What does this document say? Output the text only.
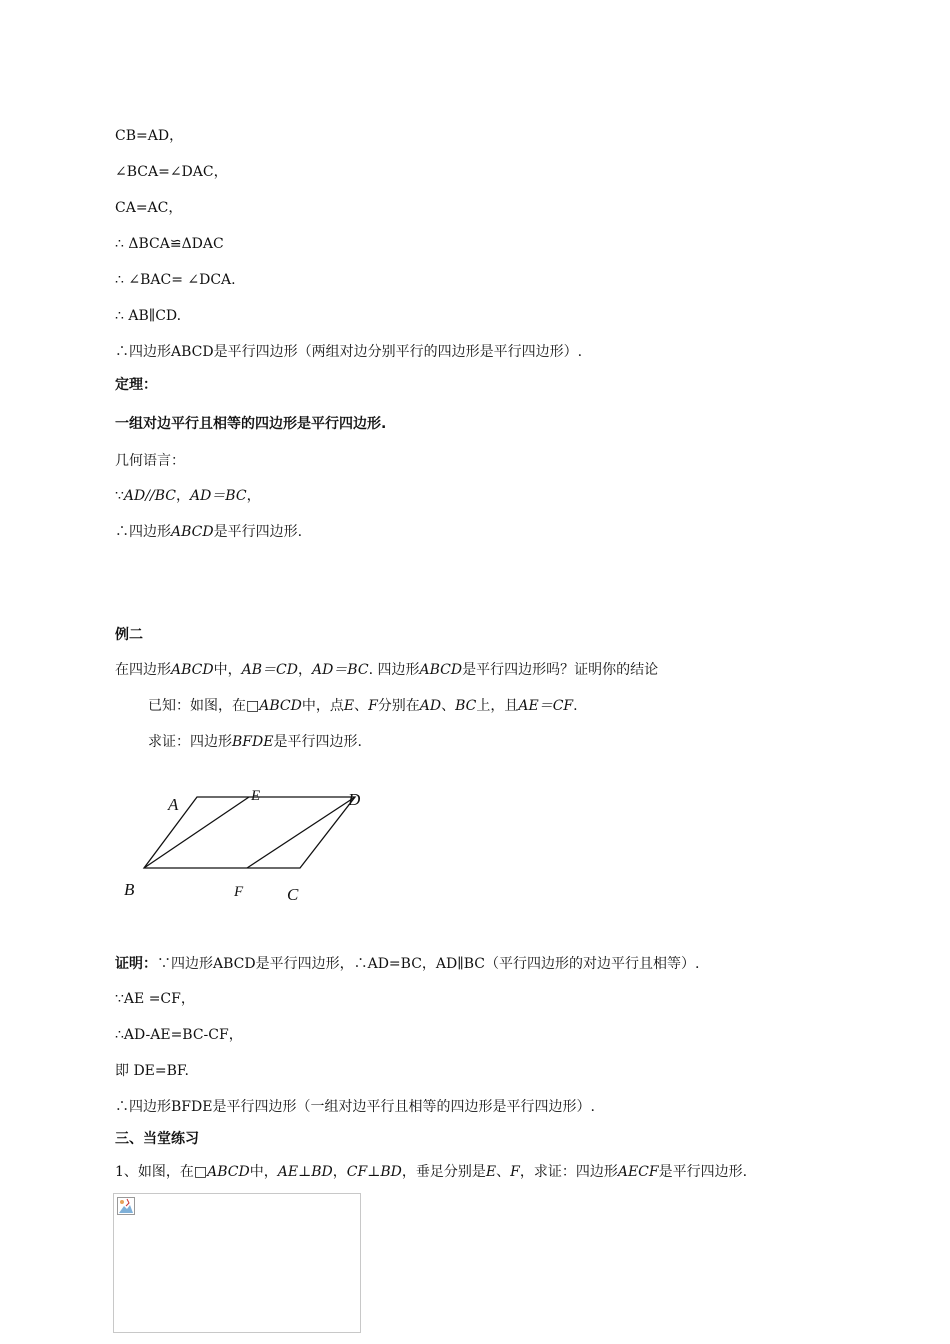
CB=AD，
∠BCA=∠DAC，
CA=AC，
∴ ΔBCA≌ΔDAC
∴ ∠BAC= ∠DCA.
∴ AB∥CD.
∴四边形ABCD是平行四边形（两组对边分别平行的四边形是平行四边形）.
定理：
一组对边平行且相等的四边形是平行四边形.
几何语言：
∵AD//BC，AD＝BC，
∴四边形ABCD是平行四边形.
例二
在四边形ABCD中，AB＝CD，AD＝BC. 四边形ABCD是平行四边形吗？证明你的结论
已知：如图，在□ABCD中，点E、F分别在AD、BC上，且AE＝CF.
求证：四边形BFDE是平行四边形.
A	E	D
B	F	C
证明：∵四边形ABCD是平行四边形，∴AD=BC，AD∥BC（平行四边形的对边平行且相等）.
∵AE =CF，
∴AD-AE=BC-CF，
即 DE=BF.
∴四边形BFDE是平行四边形（一组对边平行且相等的四边形是平行四边形）.
三、当堂练习
1、如图，在□ABCD中，AE⊥BD，CF⊥BD，垂足分别是E、F，求证：四边形AECF是平行四边形.
